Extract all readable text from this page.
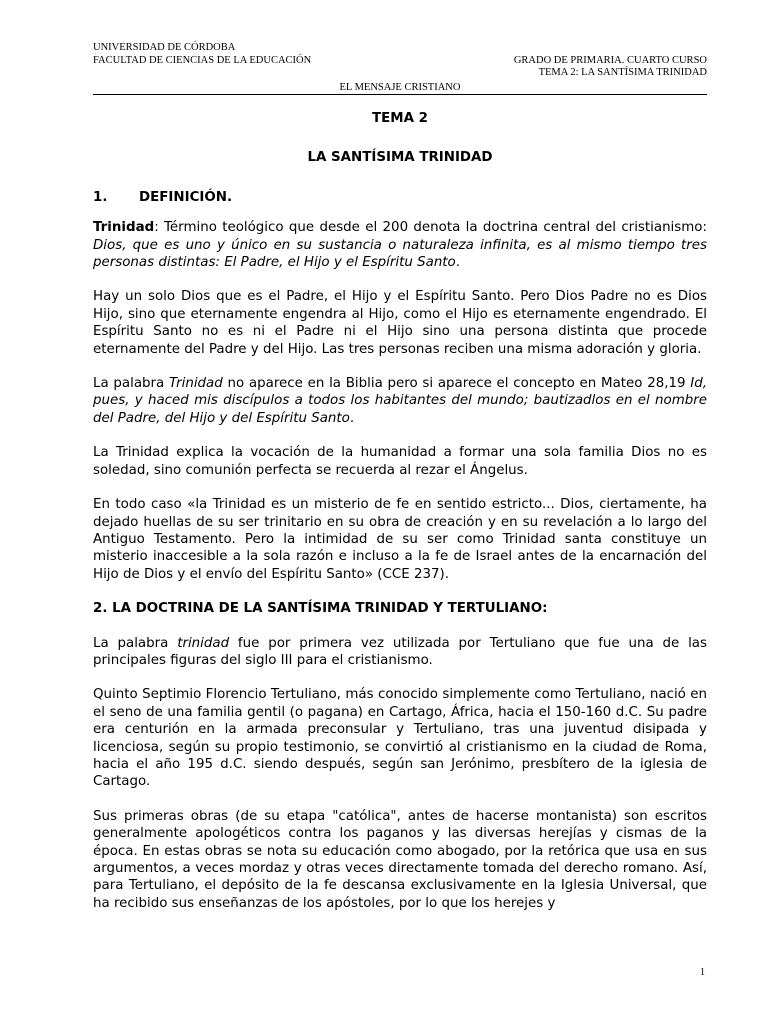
UNIVERSIDAD DE CÓRDOBA
FACULTAD DE CIENCIAS DE LA EDUCACIÓN	GRADO DE PRIMARIA. CUARTO CURSO
TEMA 2: LA SANTÍSIMA TRINIDAD
EL MENSAJE CRISTIANO
TEMA 2
LA SANTÍSIMA TRINIDAD
1. DEFINICIÓN.

Trinidad: Término teológico que desde el 200 denota la doctrina central del cristianismo: Dios, que es uno y único en su sustancia o naturaleza infinita, es al mismo tiempo tres personas distintas: El Padre, el Hijo y el Espíritu Santo.

Hay un solo Dios que es el Padre, el Hijo y el Espíritu Santo. Pero Dios Padre no es Dios Hijo, sino que eternamente engendra al Hijo, como el Hijo es eternamente engendrado. El Espíritu Santo no es ni el Padre ni el Hijo sino una persona distinta que procede eternamente del Padre y del Hijo. Las tres personas reciben una misma adoración y gloria.

La palabra Trinidad no aparece en la Biblia pero si aparece el concepto en Mateo 28,19 Id, pues, y haced mis discípulos a todos los habitantes del mundo; bautizadlos en el nombre del Padre, del Hijo y del Espíritu Santo.

La Trinidad explica la vocación de la humanidad a formar una sola familia Dios no es soledad, sino comunión perfecta se recuerda al rezar el Ángelus.

En todo caso «la Trinidad es un misterio de fe en sentido estricto... Dios, ciertamente, ha dejado huellas de su ser trinitario en su obra de creación y en su revelación a lo largo del Antiguo Testamento. Pero la intimidad de su ser como Trinidad santa constituye un misterio inaccesible a la sola razón e incluso a la fe de Israel antes de la encarnación del Hijo de Dios y el envío del Espíritu Santo» (CCE 237).

2. LA DOCTRINA DE LA SANTÍSIMA TRINIDAD Y TERTULIANO:

La palabra trinidad fue por primera vez utilizada por Tertuliano que fue una de las principales figuras del siglo III para el cristianismo.

Quinto Septimio Florencio Tertuliano, más conocido simplemente como Tertuliano, nació en el seno de una familia gentil (o pagana) en Cartago, África, hacia el 150-160 d.C. Su padre era centurión en la armada preconsular y Tertuliano, tras una juventud disipada y licenciosa, según su propio testimonio, se convirtió al cristianismo en la ciudad de Roma, hacia el año 195 d.C. siendo después, según san Jerónimo, presbítero de la iglesia de Cartago.

Sus primeras obras (de su etapa "católica", antes de hacerse montanista) son escritos generalmente apologéticos contra los paganos y las diversas herejías y cismas de la época. En estas obras se nota su educación como abogado, por la retórica que usa en sus argumentos, a veces mordaz y otras veces directamente tomada del derecho romano. Así, para Tertuliano, el depósito de la fe descansa exclusivamente en la Iglesia Universal, que ha recibido sus enseñanzas de los apóstoles, por lo que los herejes y

1
